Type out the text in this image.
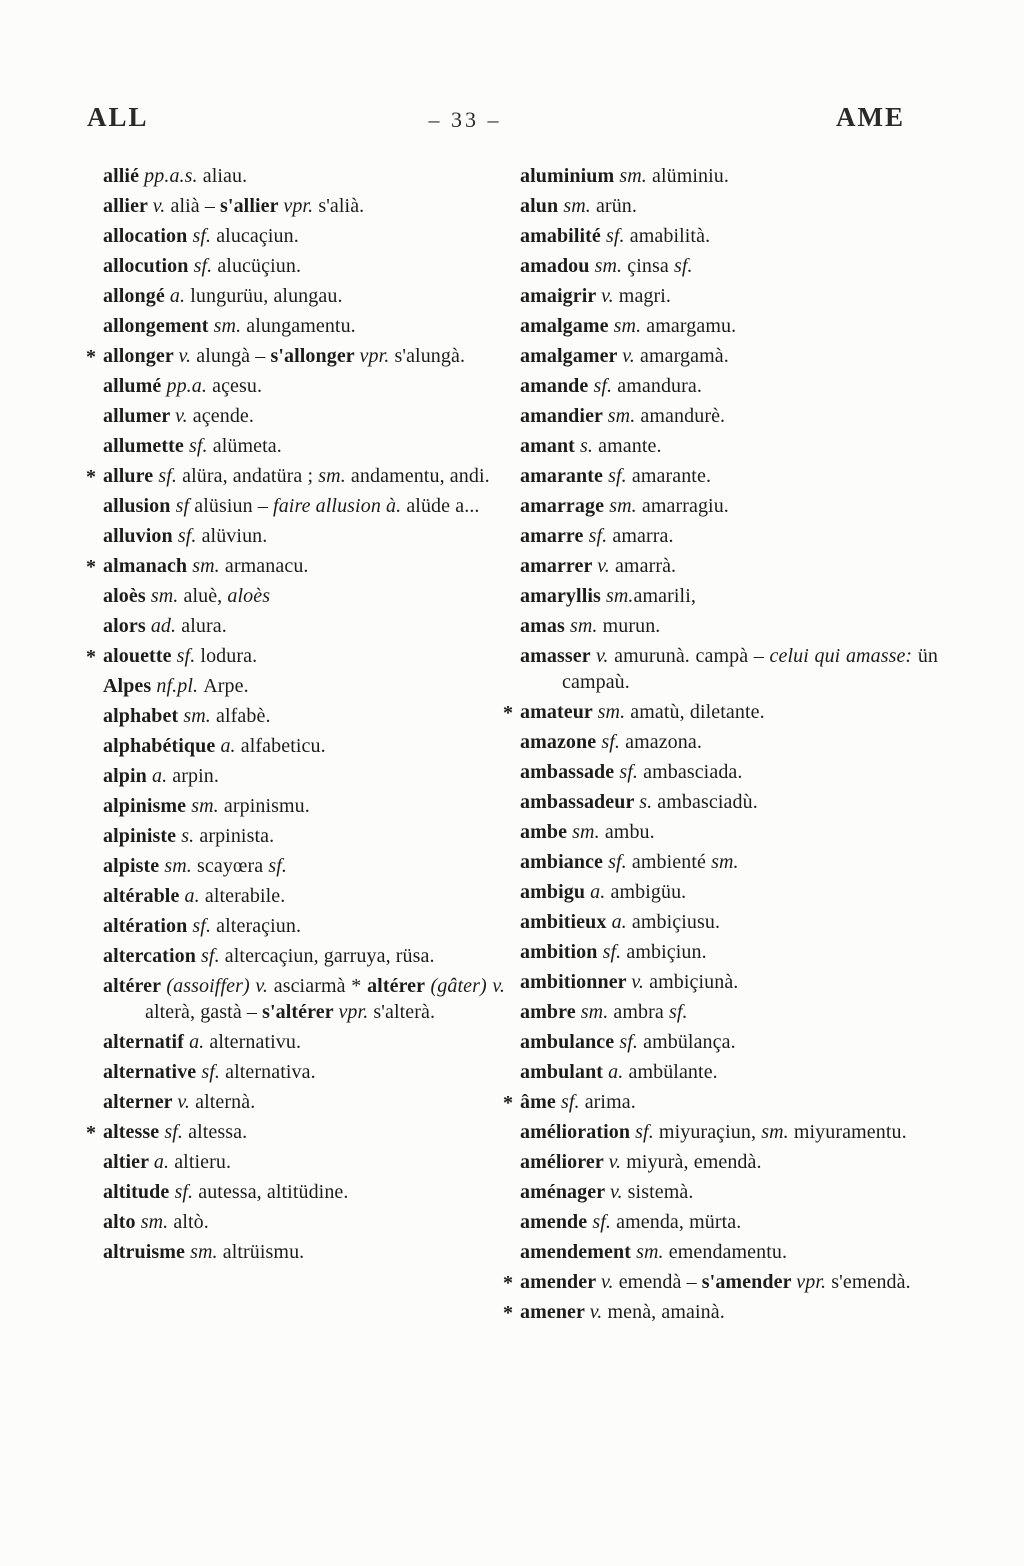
ALL	– 33 –	AME
allié pp.a.s. aliau.
allier v. alià – s'allier vpr. s'alià.
allocation sf. alucaçiun.
allocution sf. alucüçiun.
allongé a. lungurüu, alungau.
allongement sm. alungamentu.
* allonger v. alungà – s'allonger vpr. s'alungà.
allumé pp.a. açesu.
allumer v. açende.
allumette sf. alümeta.
* allure sf. alüra, andatüra ; sm. andamentu, andi.
allusion sf alüsiun – faire allusion à. alüde a...
alluvion sf. alüviun.
* almanach sm. armanacu.
aloès sm. aluè, aloès
alors ad. alura.
* alouette sf. lodura.
Alpes nf.pl. Arpe.
alphabet sm. alfabè.
alphabétique a. alfabeticu.
alpin a. arpin.
alpinisme sm. arpinismu.
alpiniste s. arpinista.
alpiste sm. scayœra sf.
altérable a. alterabile.
altération sf. alteraçiun.
altercation sf. altercaçiun, garruya, rüsa.
altérer (assoiffer) v. asciarmà * altérer (gâter) v. alterà, gastà – s'altérer vpr. s'alterà.
alternatif a. alternativu.
alternative sf. alternativa.
alterner v. alternà.
* altesse sf. altessa.
altier a. altieru.
altitude sf. autessa, altitüdine.
alto sm. altò.
altruisme sm. altrüismu.
aluminium sm. alüminiu.
alun sm. arün.
amabilité sf. amabilità.
amadou sm. çinsa sf.
amaigrir v. magri.
amalgame sm. amargamu.
amalgamer v. amargamà.
amande sf. amandura.
amandier sm. amandurè.
amant s. amante.
amarante sf. amarante.
amarrage sm. amarragiu.
amarre sf. amarra.
amarrer v. amarrà.
amaryllis sm.amarili,
amas sm. murun.
amasser v. amurunà. campà – celui qui amasse: ün campaù.
* amateur sm. amatù, diletante.
amazone sf. amazona.
ambassade sf. ambasciada.
ambassadeur s. ambasciadù.
ambe sm. ambu.
ambiance sf. ambienté sm.
ambigu a. ambigüu.
ambitieux a. ambiçiusu.
ambition sf. ambiçiun.
ambitionner v. ambiçiunà.
ambre sm. ambra sf.
ambulance sf. ambülança.
ambulant a. ambülante.
* âme sf. arima.
amélioration sf. miyuraçiun, sm. miyuramentu.
améliorer v. miyurà, emendà.
aménager v. sistemà.
amende sf. amenda, mürta.
amendement sm. emendamentu.
* amender v. emendà – s'amender vpr. s'emendà.
* amener v. menà, amainà.
